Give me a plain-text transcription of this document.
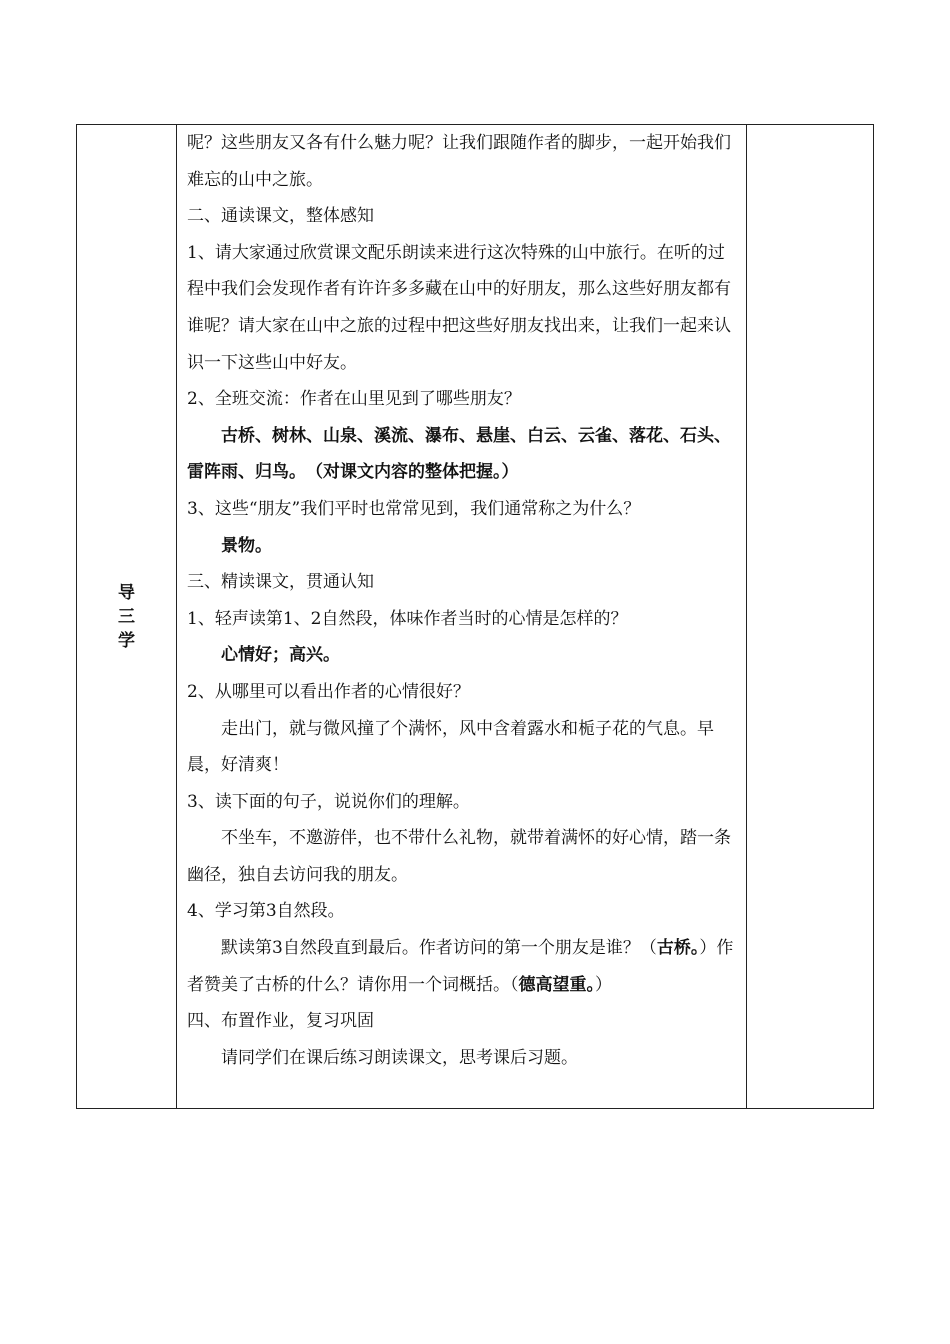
导三学	

呢？这些朋友又各有什么魅力呢？让我们跟随作者的脚步，一起开始我们难忘的山中之旅。

二、通读课文，整体感知

1、请大家通过欣赏课文配乐朗读来进行这次特殊的山中旅行。在听的过程中我们会发现作者有许许多多藏在山中的好朋友，那么这些好朋友都有谁呢？请大家在山中之旅的过程中把这些好朋友找出来，让我们一起来认识一下这些山中好友。

2、全班交流：作者在山里见到了哪些朋友？

古桥、树林、山泉、溪流、瀑布、悬崖、白云、云雀、落花、石头、雷阵雨、归鸟。　（对课文内容的整体把握。）

3、这些“朋友”我们平时也常常见到，我们通常称之为什么？

景物。

三、精读课文，贯通认知

1、轻声读第1、2自然段，体味作者当时的心情是怎样的？

心情好；高兴。

2、从哪里可以看出作者的心情很好？

走出门，就与微风撞了个满怀，风中含着露水和栀子花的气息。早晨，好清爽！

3、读下面的句子，说说你们的理解。

不坐车，不邀游伴，也不带什么礼物，就带着满怀的好心情，踏一条幽径，独自去访问我的朋友。

4、学习第3自然段。

默读第3自然段直到最后。作者访问的第一个朋友是谁？（古桥。）作者赞美了古桥的什么？请你用一个词概括。（德高望重。）

四、布置作业，复习巩固

请同学们在课后练习朗读课文，思考课后习题。
